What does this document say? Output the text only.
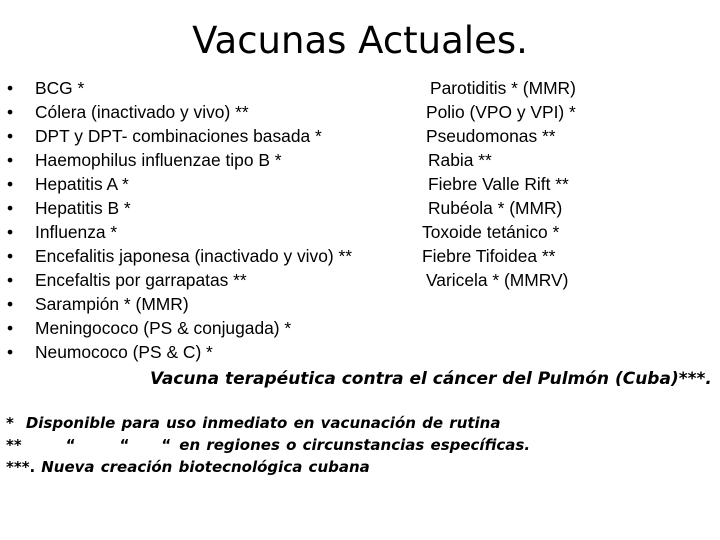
Vacunas Actuales.
• BCG *
• Cólera (inactivado y vivo) **
• DPT y DPT- combinaciones basada *
• Haemophilus influenzae tipo B *
• Hepatitis A *
• Hepatitis B *
• Influenza *
• Encefalitis japonesa (inactivado y vivo) **
• Encefaltis por garrapatas **
• Sarampión * (MMR)
• Meningococo (PS & conjugada) *
• Neumococo (PS & C) *
Parotiditis * (MMR)
Polio (VPO y VPI) *
Pseudomonas **
Rabia **
Fiebre Valle Rift **
Rubéola * (MMR)
Toxoide tetánico *
Fiebre Tifoidea **
Varicela * (MMRV)
Vacuna terapéutica contra el cáncer del Pulmón (Cuba)***.
* Disponible para uso inmediato en vacunación de rutina
**	“	“ “ en regiones o circunstancias específicas.
***. Nueva creación biotecnológica cubana
